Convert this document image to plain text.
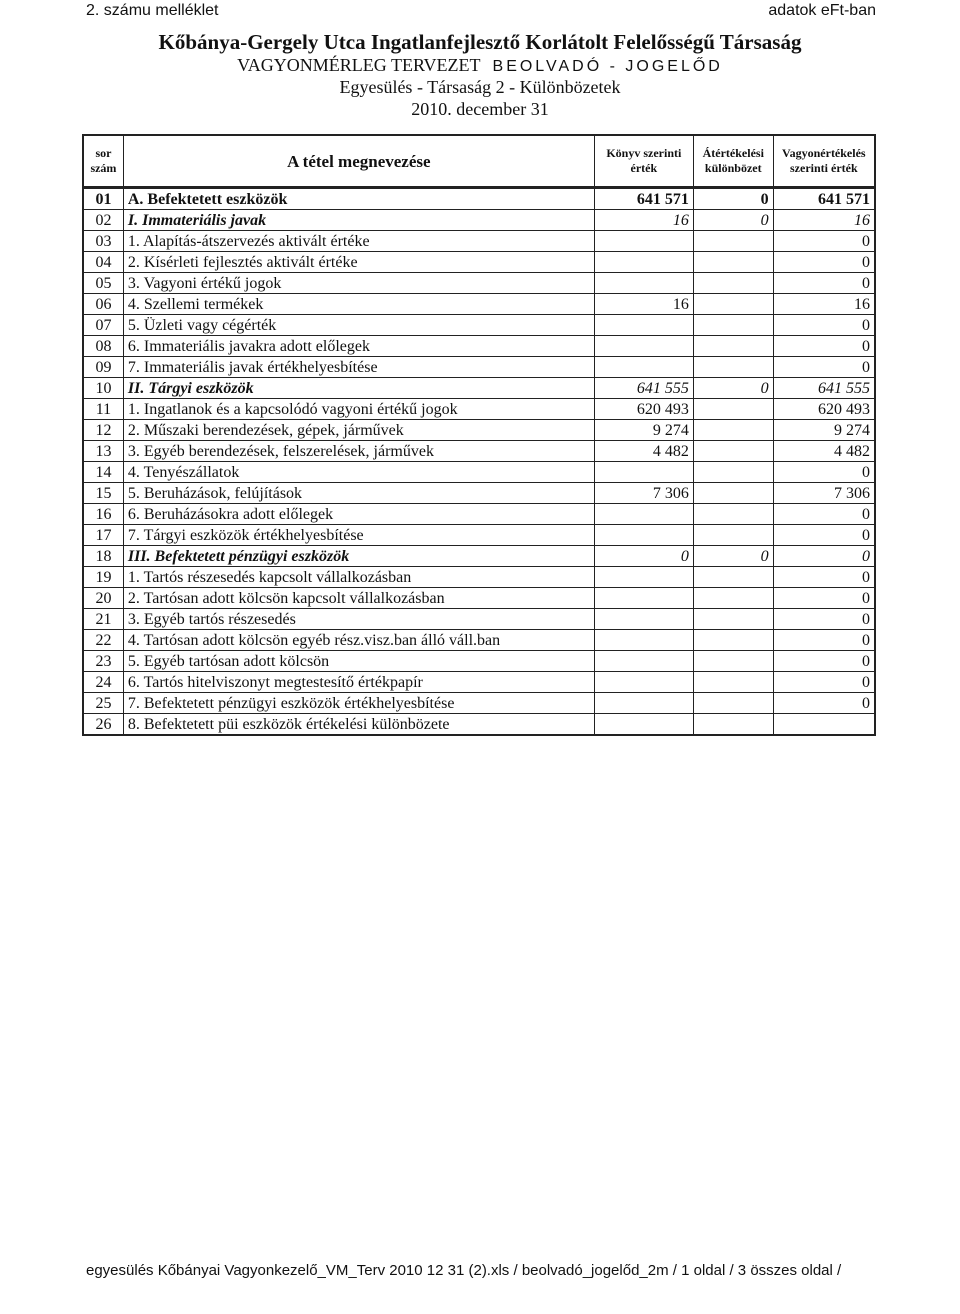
2. számu melléklet	adatok eFt-ban
Kőbánya-Gergely Utca Ingatlanfejlesztő Korlátolt Felelősségű Társaság
VAGYONMÉRLEG TERVEZET BEOLVADÓ - JOGELŐD
Egyesülés - Társaság 2 - Különbözetek
2010. december 31
sor szám	A tétel megnevezése	Könyv szerinti érték	Átértékelési különbözet	Vagyonértékelés szerinti érték
01	A. Befektetett eszközök	641 571	0	641 571
02	I. Immateriális javak	16	0	16
03	1. Alapítás-átszervezés aktivált értéke			0
04	2. Kísérleti fejlesztés aktivált értéke			0
05	3. Vagyoni értékű jogok			0
06	4. Szellemi termékek	16		16
07	5. Üzleti vagy cégérték			0
08	6. Immateriális javakra adott előlegek			0
09	7. Immateriális javak értékhelyesbítése			0
10	II. Tárgyi eszközök	641 555	0	641 555
11	1. Ingatlanok és a kapcsolódó vagyoni értékű jogok	620 493		620 493
12	2. Műszaki berendezések, gépek, járművek	9 274		9 274
13	3. Egyéb berendezések, felszerelések, járművek	4 482		4 482
14	4. Tenyészállatok			0
15	5. Beruházások, felújítások	7 306		7 306
16	6. Beruházásokra adott előlegek			0
17	7. Tárgyi eszközök értékhelyesbítése			0
18	III. Befektetett pénzügyi eszközök	0	0	0
19	1. Tartós részesedés kapcsolt vállalkozásban			0
20	2. Tartósan adott kölcsön kapcsolt vállalkozásban			0
21	3. Egyéb tartós részesedés			0
22	4. Tartósan adott kölcsön egyéb rész.visz.ban álló váll.ban			0
23	5. Egyéb tartósan adott kölcsön			0
24	6. Tartós hitelviszonyt megtestesítő értékpapír			0
25	7. Befektetett pénzügyi eszközök értékhelyesbítése			0
26	8. Befektetett püi eszközök értékelési különbözete			
egyesülés Kőbányai Vagyonkezelő_VM_Terv 2010 12 31 (2).xls / beolvadó_jogelőd_2m / 1 oldal / 3 összes oldal /
